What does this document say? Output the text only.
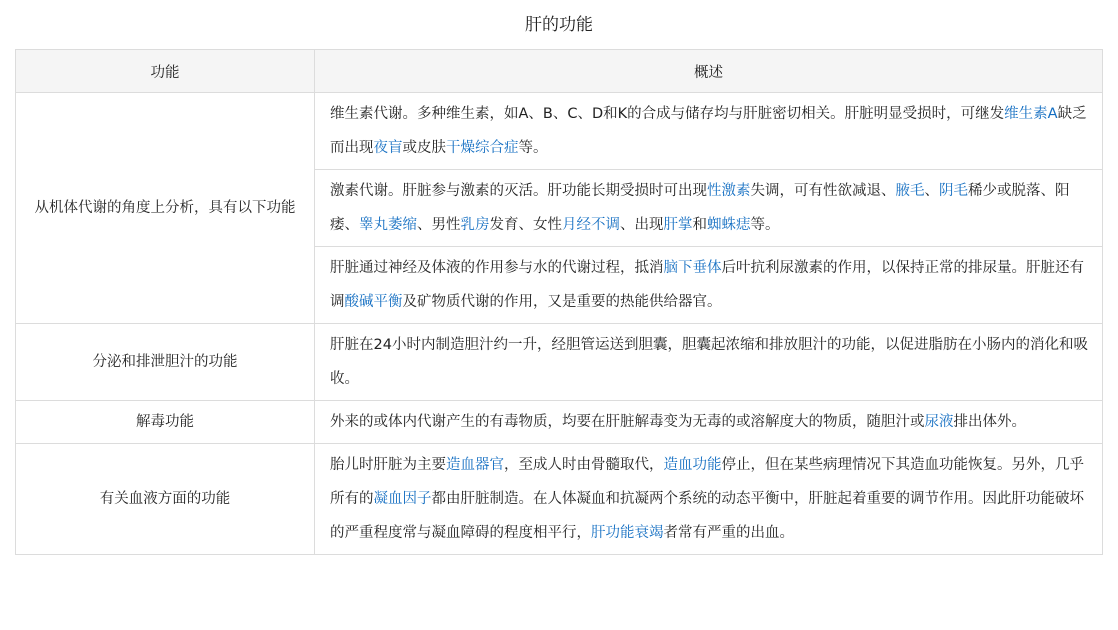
肝的功能
功能	概述
从机体代谢的角度上分析，具有以下功能	维生素代谢。多种维生素，如A、B、C、D和K的合成与储存均与肝脏密切相关。肝脏明显受损时，可继发维生素A缺乏而出现夜盲或皮肤干燥综合症等。
	激素代谢。肝脏参与激素的灭活。肝功能长期受损时可出现性激素失调，可有性欲减退、腋毛、阴毛稀少或脱落、阳痿、睾丸萎缩、男性乳房发育、女性月经不调、出现肝掌和蜘蛛痣等。
	肝脏通过神经及体液的作用参与水的代谢过程，抵消脑下垂体后叶抗利尿激素的作用，以保持正常的排尿量。肝脏还有调酸碱平衡及矿物质代谢的作用，又是重要的热能供给器官。
分泌和排泄胆汁的功能	肝脏在24小时内制造胆汁约一升，经胆管运送到胆囊，胆囊起浓缩和排放胆汁的功能，以促进脂肪在小肠内的消化和吸收。
解毒功能	外来的或体内代谢产生的有毒物质，均要在肝脏解毒变为无毒的或溶解度大的物质，随胆汁或尿液排出体外。
有关血液方面的功能	胎儿时肝脏为主要造血器官，至成人时由骨髓取代，造血功能停止，但在某些病理情况下其造血功能恢复。另外，几乎所有的凝血因子都由肝脏制造。在人体凝血和抗凝两个系统的动态平衡中，肝脏起着重要的调节作用。因此肝功能破坏的严重程度常与凝血障碍的程度相平行，肝功能衰竭者常有严重的出血。
